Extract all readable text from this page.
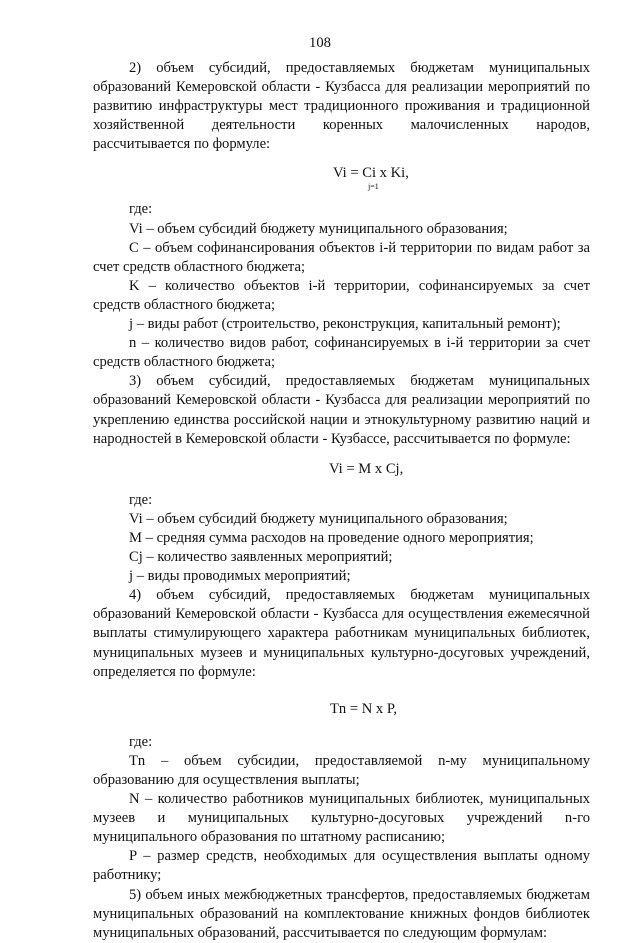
108

2) объем субсидий, предоставляемых бюджетам муниципальных образований Кемеровской области - Кузбасса для реализации мероприятий по развитию инфраструктуры мест традиционного проживания и традиционной хозяйственной деятельности коренных малочисленных народов, рассчитывается по формуле:

Vi = Ci x Ki,
j=1

где:

Vi – объем субсидий бюджету муниципального образования;

C – объем софинансирования объектов i-й территории по видам работ за счет средств областного бюджета;

K – количество объектов i-й территории, софинансируемых за счет средств областного бюджета;

j – виды работ (строительство, реконструкция, капитальный ремонт);

n – количество видов работ, софинансируемых в i-й территории за счет средств областного бюджета;

3) объем субсидий, предоставляемых бюджетам муниципальных образований Кемеровской области - Кузбасса для реализации мероприятий по укреплению единства российской нации и этнокультурному развитию наций и народностей в Кемеровской области - Кузбассе, рассчитывается по формуле:

Vi = M x Cj,

где:

Vi – объем субсидий бюджету муниципального образования;

M – средняя сумма расходов на проведение одного мероприятия;

Cj – количество заявленных мероприятий;

j – виды проводимых мероприятий;

4) объем субсидий, предоставляемых бюджетам муниципальных образований Кемеровской области - Кузбасса для осуществления ежемесячной выплаты стимулирующего характера работникам муниципальных библиотек, муниципальных музеев и муниципальных культурно-досуговых учреждений, определяется по формуле:

Tn = N x P,

где:

Tn – объем субсидии, предоставляемой n-му муниципальному образованию для осуществления выплаты;

N – количество работников муниципальных библиотек, муниципальных музеев и муниципальных культурно-досуговых учреждений n-го муниципального образования по штатному расписанию;

P – размер средств, необходимых для осуществления выплаты одному работнику;

5) объем иных межбюджетных трансфертов, предоставляемых бюджетам муниципальных образований на комплектование книжных фондов библиотек муниципальных образований, рассчитывается по следующим формулам:
